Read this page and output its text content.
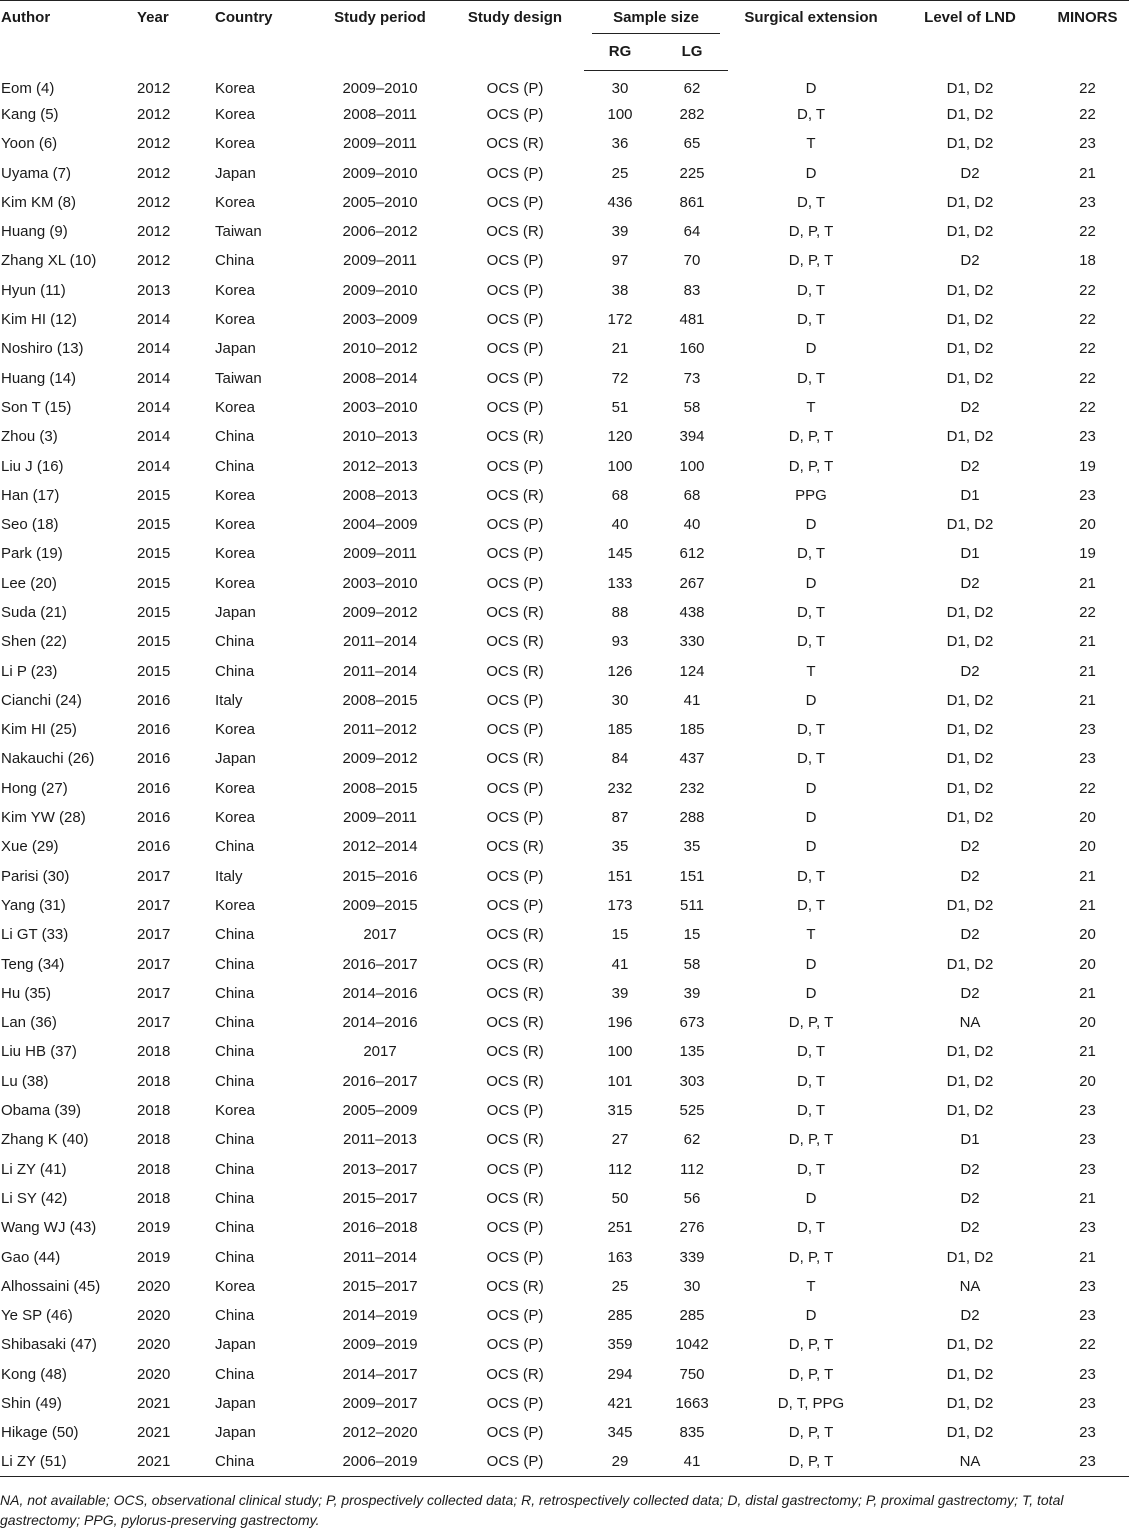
Author	Year	Country	Study period	Study design	Sample size		Surgical extension	Level of LND	MINORS
					RG	LG			
Eom (4)	2012	Korea	2009–2010	OCS (P)	30	62	D	D1, D2	22
Kang (5)	2012	Korea	2008–2011	OCS (P)	100	282	D, T	D1, D2	22
Yoon (6)	2012	Korea	2009–2011	OCS (R)	36	65	T	D1, D2	23
Uyama (7)	2012	Japan	2009–2010	OCS (P)	25	225	D	D2	21
Kim KM (8)	2012	Korea	2005–2010	OCS (P)	436	861	D, T	D1, D2	23
Huang (9)	2012	Taiwan	2006–2012	OCS (R)	39	64	D, P, T	D1, D2	22
Zhang XL (10)	2012	China	2009–2011	OCS (P)	97	70	D, P, T	D2	18
Hyun (11)	2013	Korea	2009–2010	OCS (P)	38	83	D, T	D1, D2	22
Kim HI (12)	2014	Korea	2003–2009	OCS (P)	172	481	D, T	D1, D2	22
Noshiro (13)	2014	Japan	2010–2012	OCS (P)	21	160	D	D1, D2	22
Huang (14)	2014	Taiwan	2008–2014	OCS (P)	72	73	D, T	D1, D2	22
Son T (15)	2014	Korea	2003–2010	OCS (P)	51	58	T	D2	22
Zhou (3)	2014	China	2010–2013	OCS (R)	120	394	D, P, T	D1, D2	23
Liu J (16)	2014	China	2012–2013	OCS (P)	100	100	D, P, T	D2	19
Han (17)	2015	Korea	2008–2013	OCS (R)	68	68	PPG	D1	23
Seo (18)	2015	Korea	2004–2009	OCS (P)	40	40	D	D1, D2	20
Park (19)	2015	Korea	2009–2011	OCS (P)	145	612	D, T	D1	19
Lee (20)	2015	Korea	2003–2010	OCS (P)	133	267	D	D2	21
Suda (21)	2015	Japan	2009–2012	OCS (R)	88	438	D, T	D1, D2	22
Shen (22)	2015	China	2011–2014	OCS (R)	93	330	D, T	D1, D2	21
Li P (23)	2015	China	2011–2014	OCS (R)	126	124	T	D2	21
Cianchi (24)	2016	Italy	2008–2015	OCS (P)	30	41	D	D1, D2	21
Kim HI (25)	2016	Korea	2011–2012	OCS (P)	185	185	D, T	D1, D2	23
Nakauchi (26)	2016	Japan	2009–2012	OCS (R)	84	437	D, T	D1, D2	23
Hong (27)	2016	Korea	2008–2015	OCS (P)	232	232	D	D1, D2	22
Kim YW (28)	2016	Korea	2009–2011	OCS (P)	87	288	D	D1, D2	20
Xue (29)	2016	China	2012–2014	OCS (R)	35	35	D	D2	20
Parisi (30)	2017	Italy	2015–2016	OCS (P)	151	151	D, T	D2	21
Yang (31)	2017	Korea	2009–2015	OCS (P)	173	511	D, T	D1, D2	21
Li GT (33)	2017	China	2017	OCS (R)	15	15	T	D2	20
Teng (34)	2017	China	2016–2017	OCS (R)	41	58	D	D1, D2	20
Hu (35)	2017	China	2014–2016	OCS (R)	39	39	D	D2	21
Lan (36)	2017	China	2014–2016	OCS (R)	196	673	D, P, T	NA	20
Liu HB (37)	2018	China	2017	OCS (R)	100	135	D, T	D1, D2	21
Lu (38)	2018	China	2016–2017	OCS (R)	101	303	D, T	D1, D2	20
Obama (39)	2018	Korea	2005–2009	OCS (P)	315	525	D, T	D1, D2	23
Zhang K (40)	2018	China	2011–2013	OCS (R)	27	62	D, P, T	D1	23
Li ZY (41)	2018	China	2013–2017	OCS (P)	112	112	D, T	D2	23
Li SY (42)	2018	China	2015–2017	OCS (R)	50	56	D	D2	21
Wang WJ (43)	2019	China	2016–2018	OCS (P)	251	276	D, T	D2	23
Gao (44)	2019	China	2011–2014	OCS (P)	163	339	D, P, T	D1, D2	21
Alhossaini (45)	2020	Korea	2015–2017	OCS (R)	25	30	T	NA	23
Ye SP (46)	2020	China	2014–2019	OCS (P)	285	285	D	D2	23
Shibasaki (47)	2020	Japan	2009–2019	OCS (P)	359	1042	D, P, T	D1, D2	22
Kong (48)	2020	China	2014–2017	OCS (R)	294	750	D, P, T	D1, D2	23
Shin (49)	2021	Japan	2009–2017	OCS (P)	421	1663	D, T, PPG	D1, D2	23
Hikage (50)	2021	Japan	2012–2020	OCS (P)	345	835	D, P, T	D1, D2	23
Li ZY (51)	2021	China	2006–2019	OCS (P)	29	41	D, P, T	NA	23
NA, not available; OCS, observational clinical study; P, prospectively collected data; R, retrospectively collected data; D, distal gastrectomy; P, proximal gastrectomy; T, total gastrectomy; PPG, pylorus-preserving gastrectomy.
